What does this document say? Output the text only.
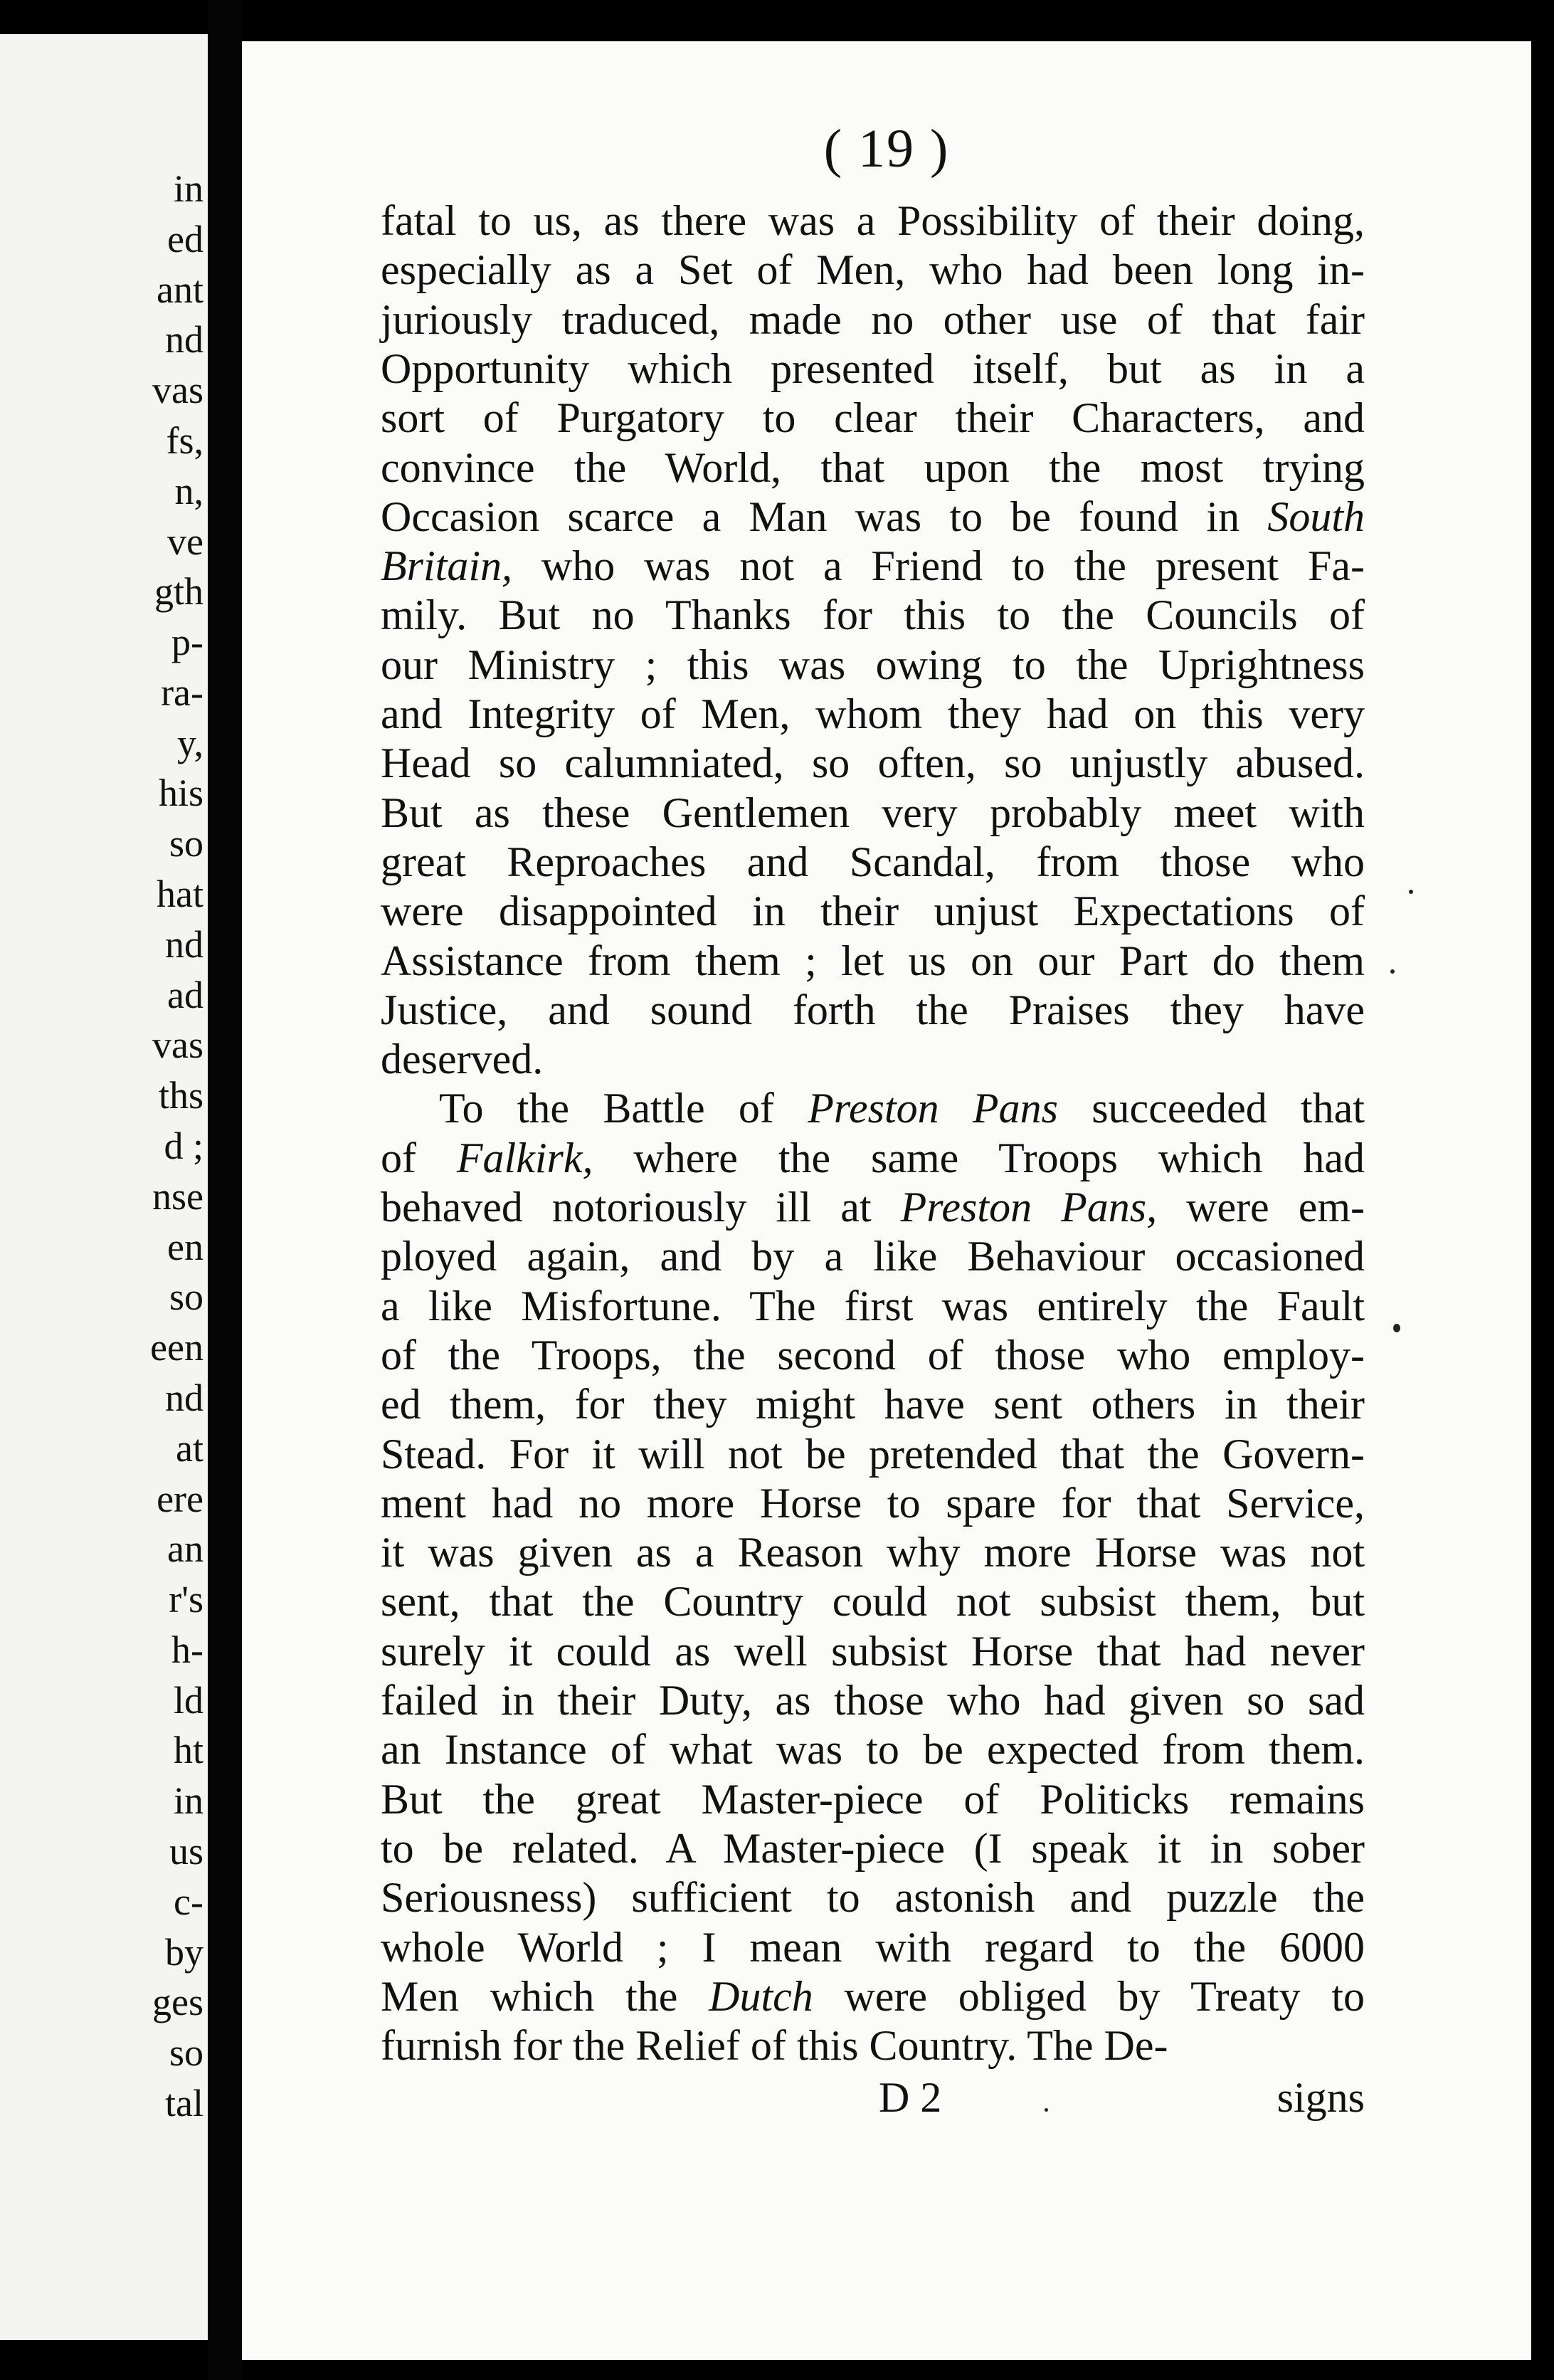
in
ed
ant
nd
vas
fs,
n,
ve
gth
p-
ra-
y,
his
so
hat
nd
ad
vas
ths
d ;
nse
en
so
een
nd
at
ere
an
r's
h-
ld
ht
in
us
c-
by
ges
so
tal
( 19 )
fatal to us, as there was a Possibility of their doing,
especially as a Set of Men, who had been long in-
juriously traduced, made no other use of that fair
Opportunity which presented itself, but as in a
sort of Purgatory to clear their Characters, and
convince the World, that upon the most trying
Occasion scarce a Man was to be found in South
Britain, who was not a Friend to the present Fa-
mily. But no Thanks for this to the Councils of
our Ministry ; this was owing to the Uprightness
and Integrity of Men, whom they had on this very
Head so calumniated, so often, so unjustly abused.
But as these Gentlemen very probably meet with
great Reproaches and Scandal, from those who
were disappointed in their unjust Expectations of
Assistance from them ; let us on our Part do them
Justice, and sound forth the Praises they have
deserved.
To the Battle of Preston Pans succeeded that
of Falkirk, where the same Troops which had
behaved notoriously ill at Preston Pans, were em-
ployed again, and by a like Behaviour occasioned
a like Misfortune. The first was entirely the Fault
of the Troops, the second of those who employ-
ed them, for they might have sent others in their
Stead. For it will not be pretended that the Govern-
ment had no more Horse to spare for that Service,
it was given as a Reason why more Horse was not
sent, that the Country could not subsist them, but
surely it could as well subsist Horse that had never
failed in their Duty, as those who had given so sad
an Instance of what was to be expected from them.
But the great Master-piece of Politicks remains
to be related. A Master-piece (I speak it in sober
Seriousness) sufficient to astonish and puzzle the
whole World ; I mean with regard to the 6000
Men which the Dutch were obliged by Treaty to
furnish for the Relief of this Country. The De-
D 2	signs
